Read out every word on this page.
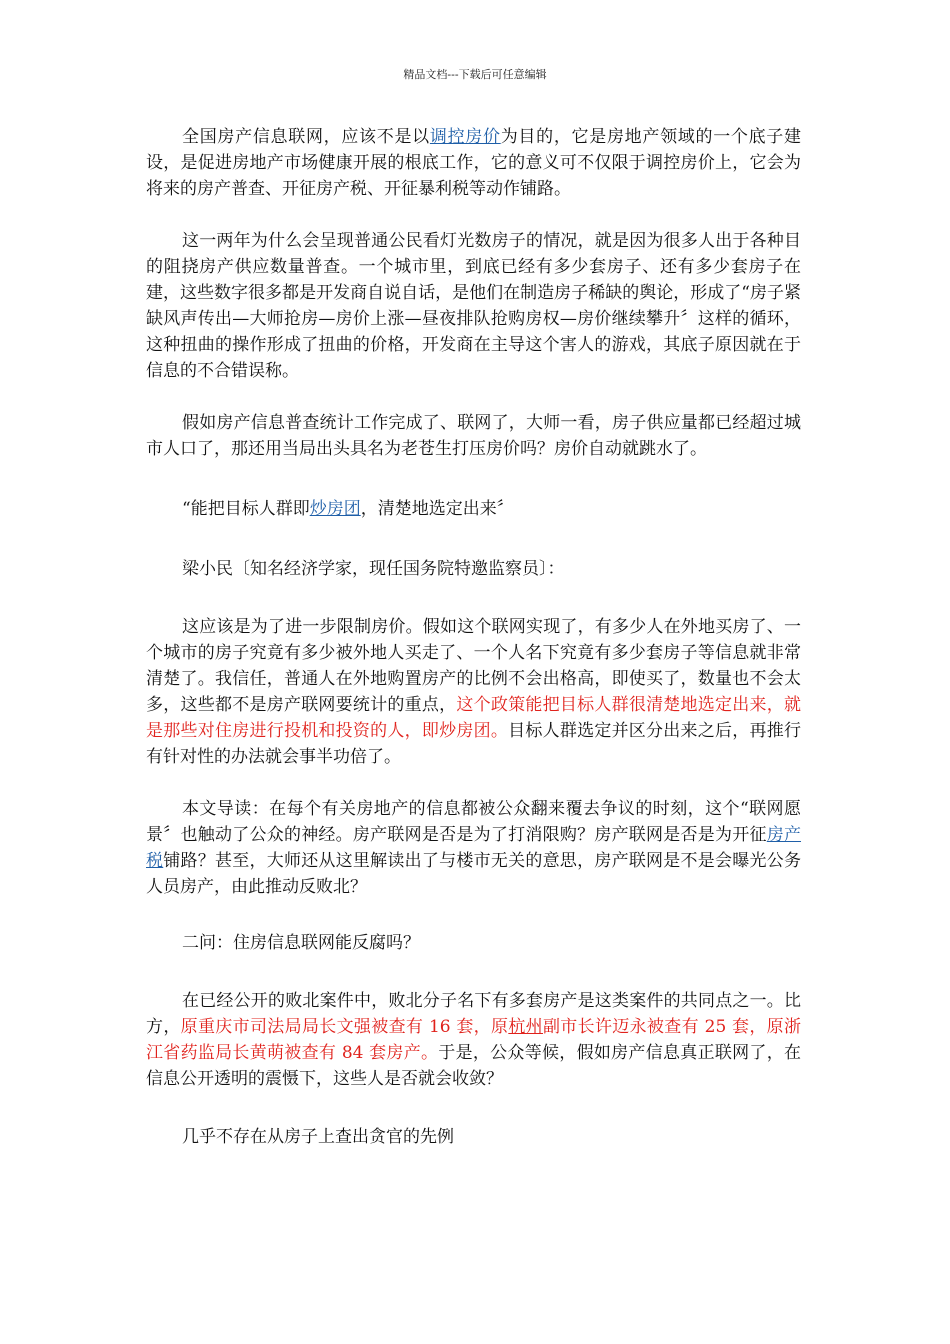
精品文档---下载后可任意编辑

全国房产信息联网，应该不是以调控房价为目的，它是房地产领域的一个底子建设，是促进房地产市场健康开展的根底工作，它的意义可不仅限于调控房价上，它会为将来的房产普查、开征房产税、开征暴利税等动作铺路。

这一两年为什么会呈现普通公民看灯光数房子的情况，就是因为很多人出于各种目的阻挠房产供应数量普查。一个城市里，到底已经有多少套房子、还有多少套房子在建，这些数字很多都是开发商自说自话，是他们在制造房子稀缺的舆论，形成了“房子紧缺风声传出—大师抢房—房价上涨—昼夜排队抢购房权—房价继续攀升〞这样的循环，这种扭曲的操作形成了扭曲的价格，开发商在主导这个害人的游戏，其底子原因就在于信息的不合错误称。

假如房产信息普查统计工作完成了、联网了，大师一看，房子供应量都已经超过城市人口了，那还用当局出头具名为老苍生打压房价吗？房价自动就跳水了。

“能把目标人群即炒房团，清楚地选定出来〞

梁小民〔知名经济学家，现任国务院特邀监察员〕：

这应该是为了进一步限制房价。假如这个联网实现了，有多少人在外地买房了、一个城市的房子究竟有多少被外地人买走了、一个人名下究竟有多少套房子等信息就非常清楚了。我信任，普通人在外地购置房产的比例不会出格高，即使买了，数量也不会太多，这些都不是房产联网要统计的重点，这个政策能把目标人群很清楚地选定出来，就是那些对住房进行投机和投资的人，即炒房团。目标人群选定并区分出来之后，再推行有针对性的办法就会事半功倍了。

本文导读：在每个有关房地产的信息都被公众翻来覆去争议的时刻，这个“联网愿景〞也触动了公众的神经。房产联网是否是为了打消限购？房产联网是否是为开征房产税铺路？甚至，大师还从这里解读出了与楼市无关的意思，房产联网是不是会曝光公务人员房产，由此推动反败北？

二问：住房信息联网能反腐吗？

在已经公开的败北案件中，败北分子名下有多套房产是这类案件的共同点之一。比方，原重庆市司法局局长文强被查有 16 套，原杭州副市长许迈永被查有 25 套，原浙江省药监局长黄萌被查有 84 套房产。于是，公众等候，假如房产信息真正联网了，在信息公开透明的震慑下，这些人是否就会收敛？

几乎不存在从房子上查出贪官的先例
